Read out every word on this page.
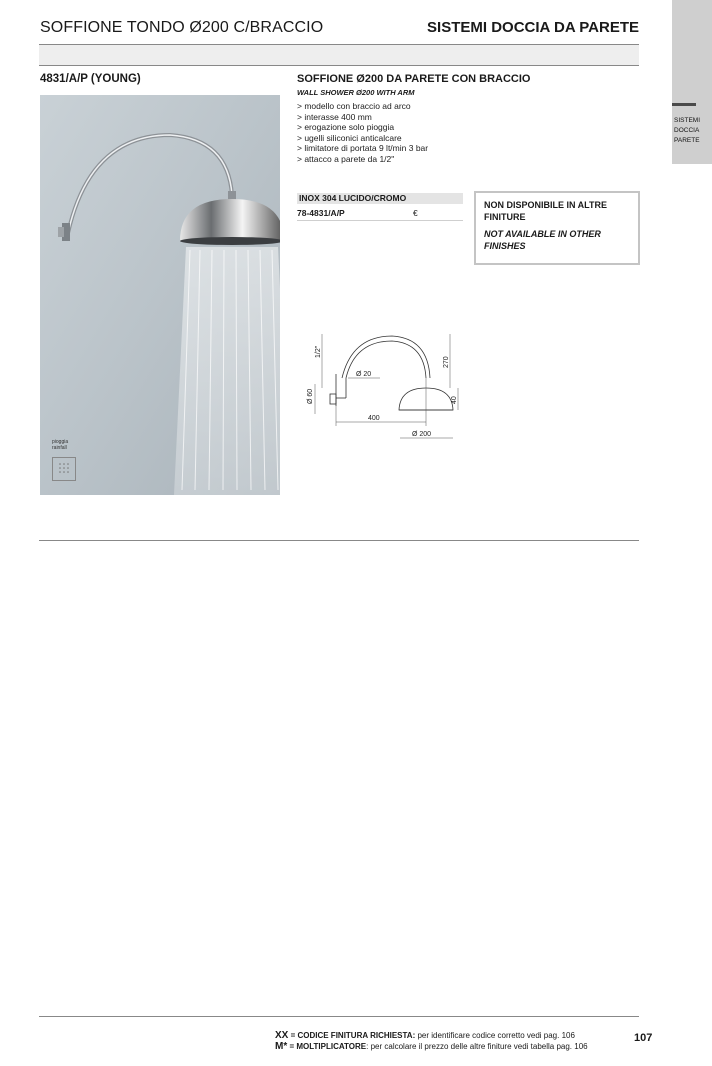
SISTEMI DOCCIA PARETE
SOFFIONE TONDO Ø200 C/BRACCIO	SISTEMI DOCCIA DA PARETE
4831/A/P (YOUNG)
pioggia
rainfall
SOFFIONE Ø200 DA PARETE CON BRACCIO
WALL SHOWER Ø200 WITH ARM
> modello con braccio ad arco
> interasse 400 mm
> erogazione solo pioggia
> ugelli siliconici anticalcare
> limitatore di portata 9 lt/min 3 bar
> attacco a parete da 1/2"
INOX 304 LUCIDO/CROMO
78-4831/A/P	€
NON DISPONIBILE IN ALTRE FINITURE
NOT AVAILABLE IN OTHER FINISHES
1/2"
Ø 60
Ø 20
400
270
40
Ø 200
XX = CODICE FINITURA RICHIESTA: per identificare codice corretto vedi pag. 106
M* = MOLTIPLICATORE: per calcolare il prezzo delle altre finiture vedi tabella pag. 106
107
